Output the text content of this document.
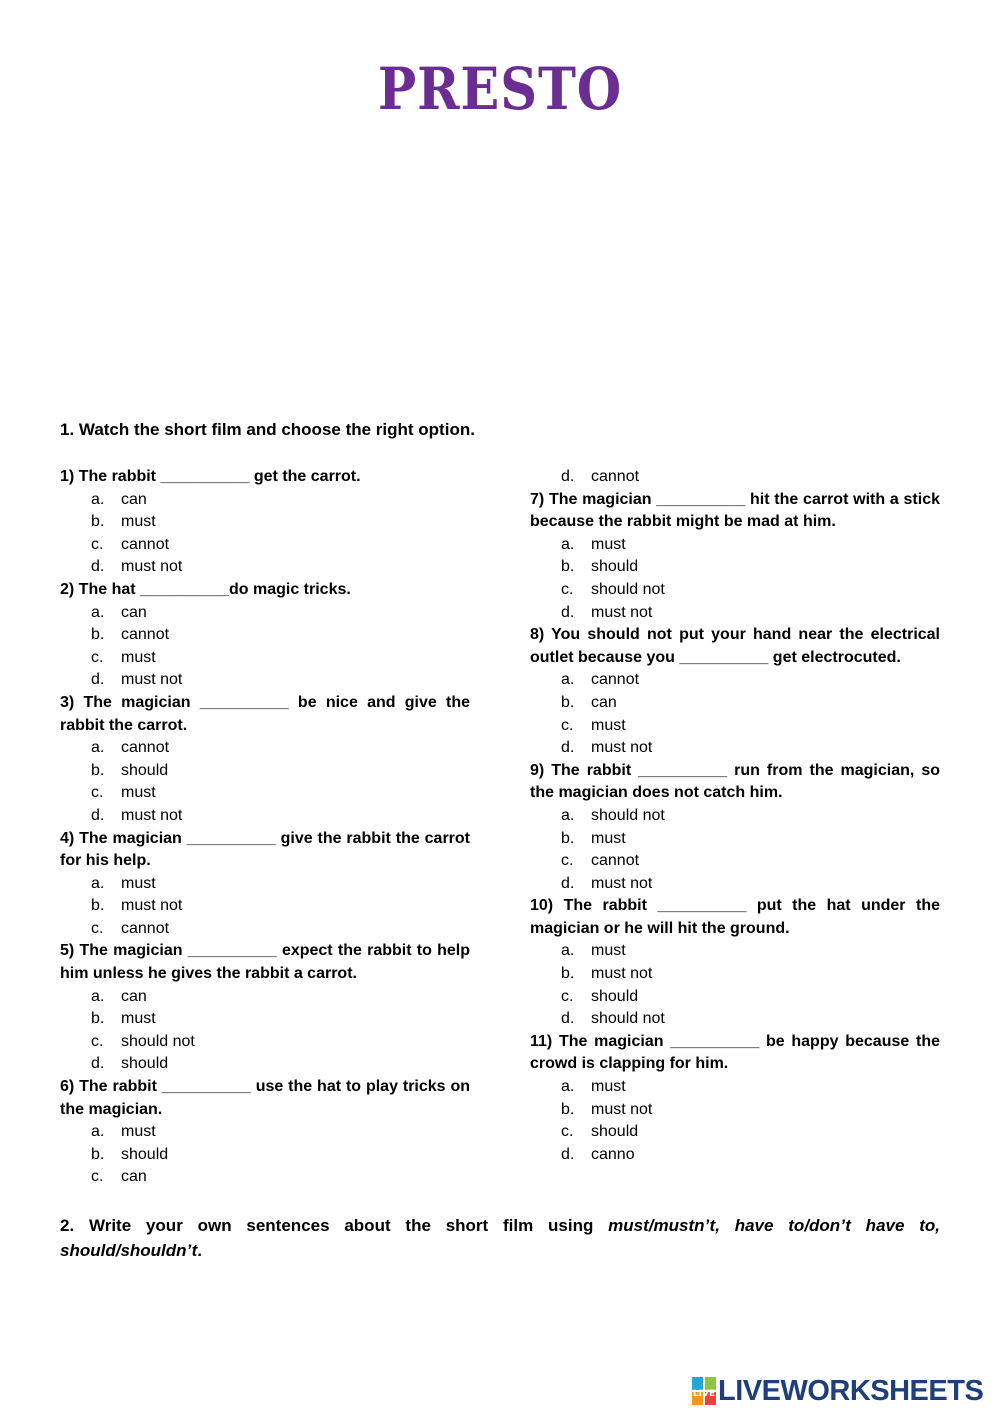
PRESTO
1. Watch the short film and choose the right option.
1) The rabbit __________ get the carrot.
a.	can
b.	must
c.	cannot
d.	must not
2) The hat __________do magic tricks.
a.	can
b.	cannot
c.	must
d.	must not
3) The magician __________ be nice and give the rabbit the carrot.
a.	cannot
b.	should
c.	must
d.	must not
4) The magician __________ give the rabbit the carrot for his help.
a.	must
b.	must not
c.	cannot
5) The magician __________ expect the rabbit to help him unless he gives the rabbit a carrot.
a.	can
b.	must
c.	should not
d.	should
6) The rabbit __________ use the hat to play tricks on the magician.
a.	must
b.	should
c.	can
d.	cannot
7) The magician __________ hit the carrot with a stick because the rabbit might be mad at him.
a.	must
b.	should
c.	should not
d.	must not
8) You should not put your hand near the electrical outlet because you __________ get electrocuted.
a.	cannot
b.	can
c.	must
d.	must not
9) The rabbit __________ run from the magician, so the magician does not catch him.
a.	should not
b.	must
c.	cannot
d.	must not
10) The rabbit __________ put the hat under the magician or he will hit the ground.
a.	must
b.	must not
c.	should
d.	should not
11) The magician __________ be happy because the crowd is clapping for him.
a.	must
b.	must not
c.	should
d.	canno
2. Write your own sentences about the short film using must/mustn’t, have to/don’t have to, should/shouldn’t.
LIVE LIVEWORKSHEETS
